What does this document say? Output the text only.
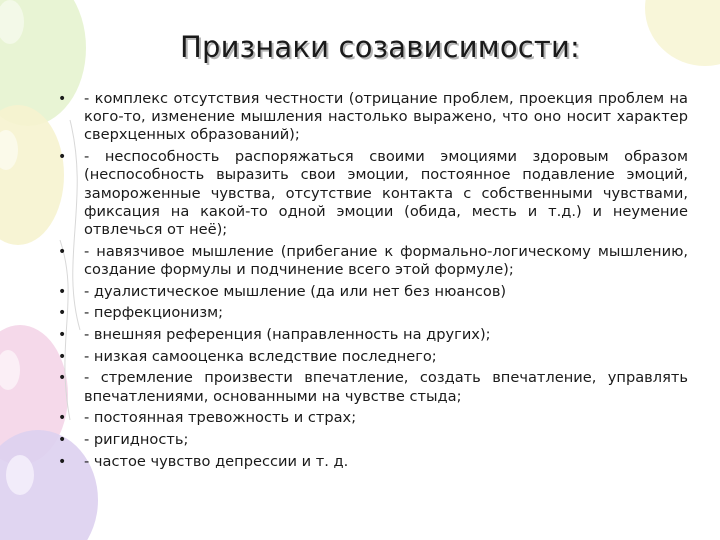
Признаки созависимости:
• - комплекс отсутствия честности (отрицание проблем, проекция проблем на кого-то, изменение мышления настолько выражено, что оно носит характер сверхценных образований);
• - неспособность распоряжаться своими эмоциями здоровым образом (неспособность выразить свои эмоции, постоянное подавление эмоций, замороженные чувства, отсутствие контакта с собственными чувствами, фиксация на какой-то одной эмоции (обида, месть и т.д.) и неумение отвлечься от неё);
• - навязчивое мышление (прибегание к формально-логическому мышлению, создание формулы и подчинение всего этой формуле);
• - дуалистическое мышление (да или нет без нюансов)
• - перфекционизм;
• - внешняя референция (направленность на других);
• - низкая самооценка вследствие последнего;
• - стремление произвести впечатление, создать впечатление, управлять впечатлениями, основанными на чувстве стыда;
• - постоянная тревожность и страх;
• - ригидность;
• - частое чувство депрессии и т. д.
